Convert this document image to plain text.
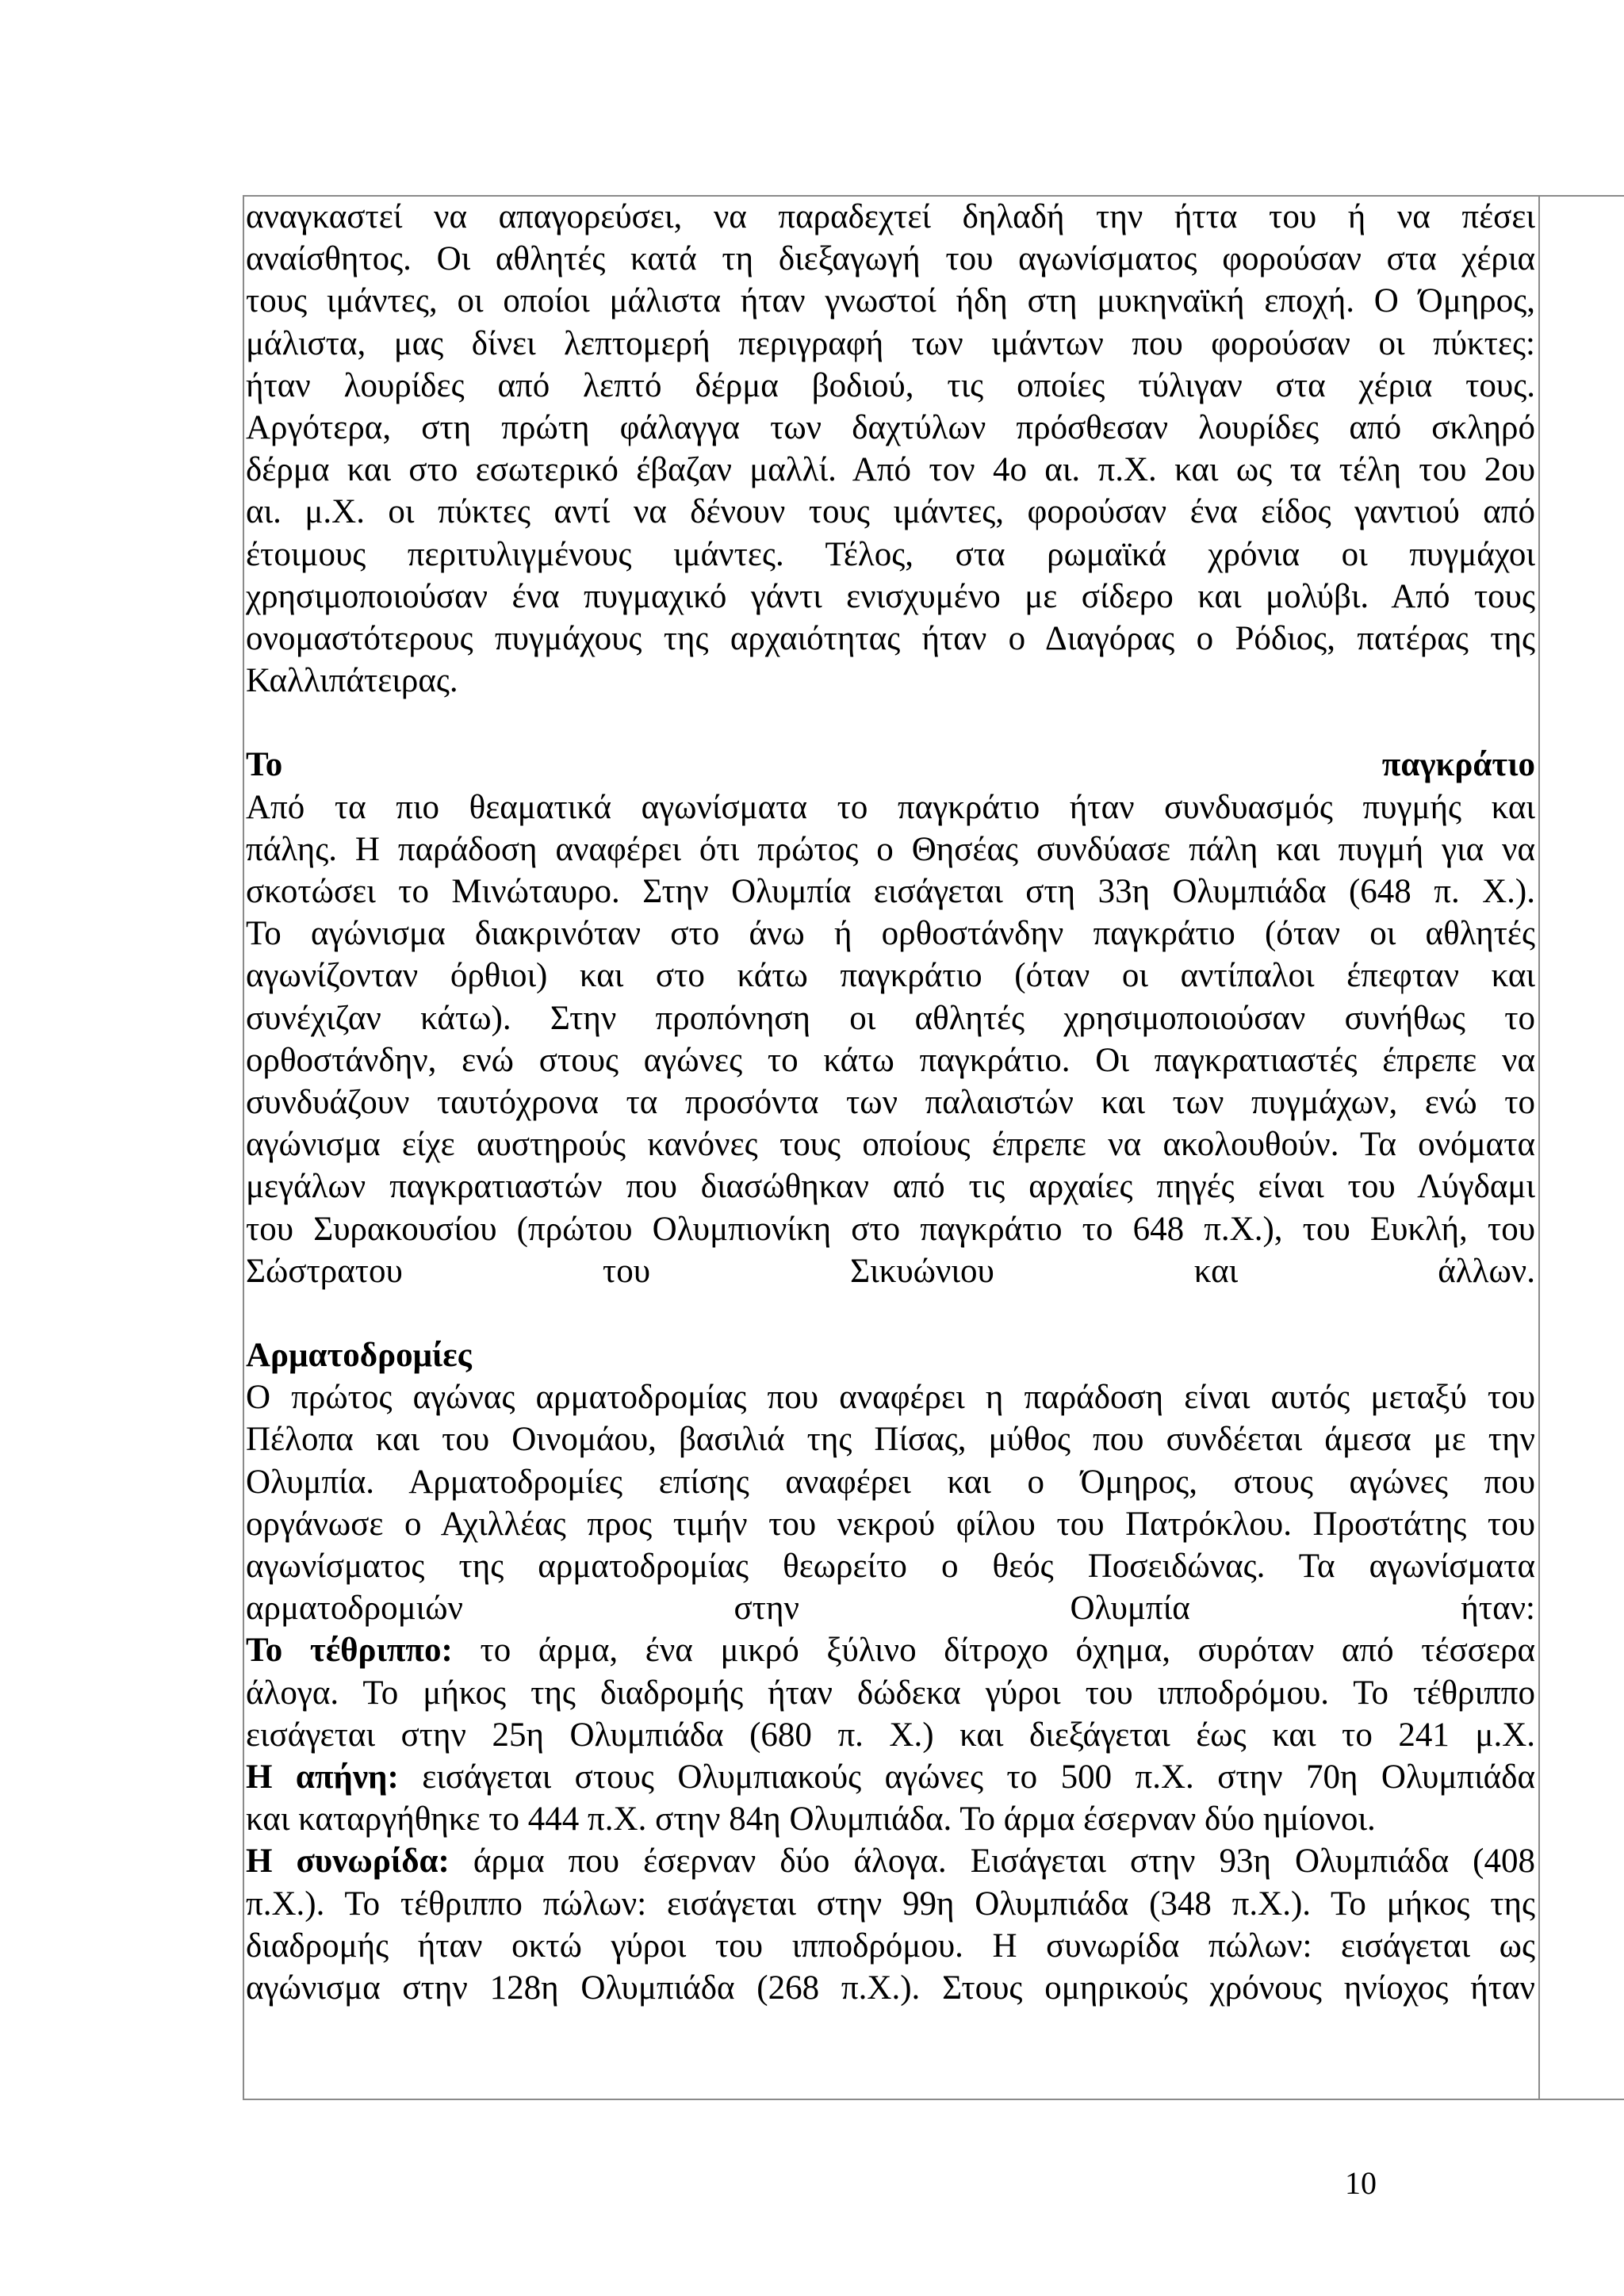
αναγκαστεί να απαγορεύσει, να παραδεχτεί δηλαδή την ήττα του ή να πέσει
αναίσθητος. Οι αθλητές κατά τη διεξαγωγή του αγωνίσματος φορούσαν στα χέρια
τους ιμάντες, οι οποίοι μάλιστα ήταν γνωστοί ήδη στη μυκηναϊκή εποχή. Ο Όμηρος,
μάλιστα, μας δίνει λεπτομερή περιγραφή των ιμάντων που φορούσαν οι πύκτες:
ήταν λουρίδες από λεπτό δέρμα βοδιού, τις οποίες τύλιγαν στα χέρια τους.
Αργότερα, στη πρώτη φάλαγγα των δαχτύλων πρόσθεσαν λουρίδες από σκληρό
δέρμα και στο εσωτερικό έβαζαν μαλλί. Από τον 4ο αι. π.Χ. και ως τα τέλη του 2ου
αι. μ.Χ. οι πύκτες αντί να δένουν τους ιμάντες, φορούσαν ένα είδος γαντιού από
έτοιμους περιτυλιγμένους ιμάντες. Τέλος, στα ρωμαϊκά χρόνια οι πυγμάχοι
χρησιμοποιούσαν ένα πυγμαχικό γάντι ενισχυμένο με σίδερο και μολύβι. Από τους
ονομαστότερους πυγμάχους της αρχαιότητας ήταν ο Διαγόρας ο Ρόδιος, πατέρας της
Καλλιπάτειρας.
Το	παγκράτιο
Από τα πιο θεαματικά αγωνίσματα το παγκράτιο ήταν συνδυασμός πυγμής και
πάλης. Η παράδοση αναφέρει ότι πρώτος ο Θησέας συνδύασε πάλη και πυγμή για να
σκοτώσει το Μινώταυρο. Στην Ολυμπία εισάγεται στη 33η Ολυμπιάδα (648 π. Χ.).
Το αγώνισμα διακρινόταν στο άνω ή ορθοστάνδην παγκράτιο (όταν οι αθλητές
αγωνίζονταν όρθιοι) και στο κάτω παγκράτιο (όταν οι αντίπαλοι έπεφταν και
συνέχιζαν κάτω). Στην προπόνηση οι αθλητές χρησιμοποιούσαν συνήθως το
ορθοστάνδην, ενώ στους αγώνες το κάτω παγκράτιο. Οι παγκρατιαστές έπρεπε να
συνδυάζουν ταυτόχρονα τα προσόντα των παλαιστών και των πυγμάχων, ενώ το
αγώνισμα είχε αυστηρούς κανόνες τους οποίους έπρεπε να ακολουθούν. Τα ονόματα
μεγάλων παγκρατιαστών που διασώθηκαν από τις αρχαίες πηγές είναι του Λύγδαμι
του Συρακουσίου (πρώτου Ολυμπιονίκη στο παγκράτιο το 648 π.Χ.), του Ευκλή, του
Σώστρατου του Σικυώνιου και άλλων.
Αρματοδρομίες
Ο πρώτος αγώνας αρματοδρομίας που αναφέρει η παράδοση είναι αυτός μεταξύ του
Πέλοπα και του Οινομάου, βασιλιά της Πίσας, μύθος που συνδέεται άμεσα με την
Ολυμπία. Αρματοδρομίες επίσης αναφέρει και ο Όμηρος, στους αγώνες που
οργάνωσε ο Αχιλλέας προς τιμήν του νεκρού φίλου του Πατρόκλου. Προστάτης του
αγωνίσματος της αρματοδρομίας θεωρείτο ο θεός Ποσειδώνας. Τα αγωνίσματα
αρματοδρομιών στην Ολυμπία ήταν:
Το τέθριππο: το άρμα, ένα μικρό ξύλινο δίτροχο όχημα, συρόταν από τέσσερα
άλογα. Το μήκος της διαδρομής ήταν δώδεκα γύροι του ιπποδρόμου. Το τέθριππο
εισάγεται στην 25η Ολυμπιάδα (680 π. Χ.) και διεξάγεται έως και το 241 μ.Χ.
Η απήνη: εισάγεται στους Ολυμπιακούς αγώνες το 500 π.Χ. στην 70η Ολυμπιάδα
και καταργήθηκε το 444 π.Χ. στην 84η Ολυμπιάδα. Το άρμα έσερναν δύο ημίονοι.
Η συνωρίδα: άρμα που έσερναν δύο άλογα. Εισάγεται στην 93η Ολυμπιάδα (408
π.Χ.). Το τέθριππο πώλων: εισάγεται στην 99η Ολυμπιάδα (348 π.Χ.). Το μήκος της
διαδρομής ήταν οκτώ γύροι του ιπποδρόμου. Η συνωρίδα πώλων: εισάγεται ως
αγώνισμα στην 128η Ολυμπιάδα (268 π.Χ.). Στους ομηρικούς χρόνους ηνίοχος ήταν
10
